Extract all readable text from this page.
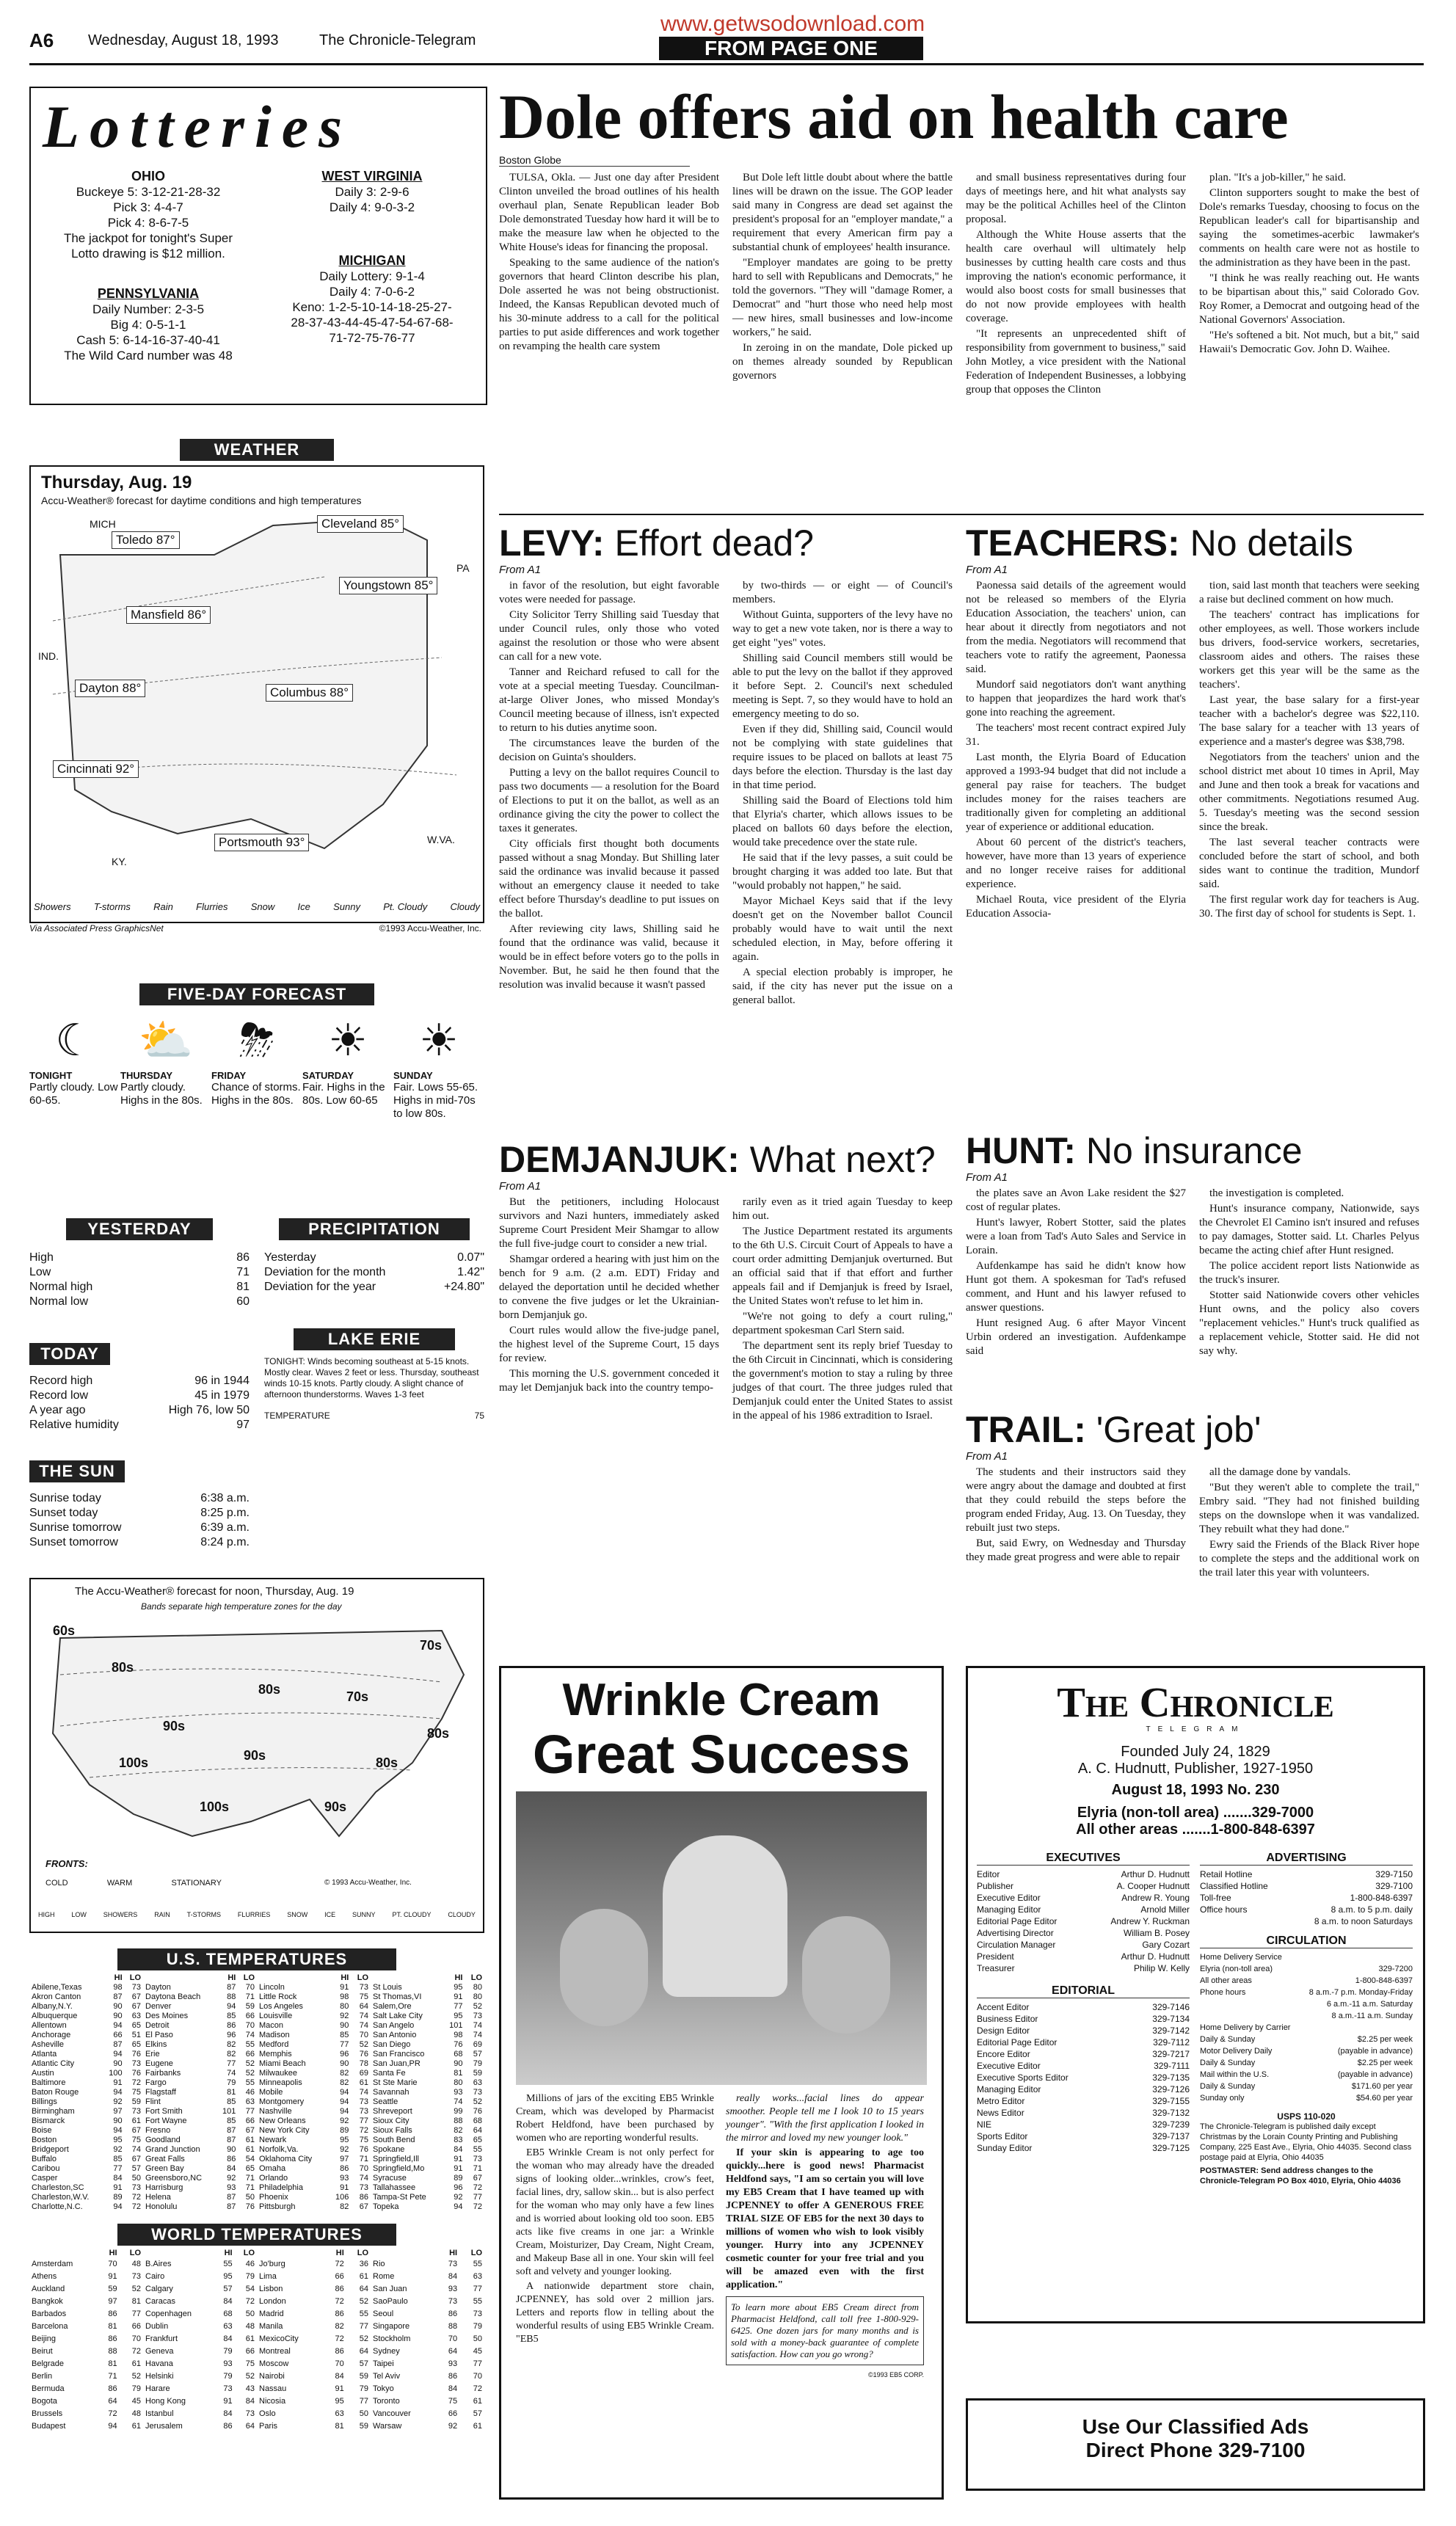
A6 Wednesday, August 18, 1993	The Chronicle-Telegram
www.getwsodownload.com
FROM PAGE ONE
Lotteries
OHIO
Buckeye 5: 3-12-21-28-32
Pick 3: 4-4-7
Pick 4: 8-6-7-5
The jackpot for tonight's Super
Lotto drawing is $12 million.
WEST VIRGINIA
Daily 3: 2-9-6
Daily 4: 9-0-3-2
PENNSYLVANIA
Daily Number: 2-3-5
Big 4: 0-5-1-1
Cash 5: 6-14-16-37-40-41
The Wild Card number was 48
MICHIGAN
Daily Lottery: 9-1-4
Daily 4: 7-0-6-2
Keno: 1-2-5-10-14-18-25-27-
28-37-43-44-45-47-54-67-68-
71-72-75-76-77
WEATHER
Thursday, Aug. 19
Accu-Weather® forecast for daytime conditions and high temperatures
MICH
PA
IND.
W.VA.
KY.
Toledo 87°
Cleveland 85°
Mansfield 86°
Youngstown 85°
Dayton 88°	Columbus 88°
Cincinnati 92°
Portsmouth 93°
Showers T-storms Rain Flurries Snow Ice Sunny Pt. Cloudy Cloudy
Via Associated Press GraphicsNet	©1993 Accu-Weather, Inc.
FIVE-DAY FORECAST
☾
TONIGHT
Partly cloudy. Low 60-65.
⛅
THURSDAY
Partly cloudy. Highs in the 80s.
⛈
FRIDAY
Chance of storms. Highs in the 80s.
☀
SATURDAY
Fair. Highs in the 80s. Low 60-65
☀
SUNDAY
Fair. Lows 55-65. Highs in mid-70s to low 80s.
YESTERDAY
High	86
Low	71
Normal high	81
Normal low	60
PRECIPITATION
Yesterday	0.07"
Deviation for the month	1.42"
Deviation for the year	+24.80"
TODAY
Record high	96 in 1944
Record low	45 in 1979
A year ago	High 76, low 50
Relative humidity	97
LAKE ERIE
TONIGHT: Winds becoming southeast at 5-15 knots. Mostly clear. Waves 2 feet or less. Thursday, southeast winds 10-15 knots. Partly cloudy. A slight chance of afternoon thunderstorms. Waves 1-3 feet
TEMPERATURE	75
THE SUN
Sunrise today	6:38 a.m.
Sunset today	8:25 p.m.
Sunrise tomorrow	6:39 a.m.
Sunset tomorrow	8:24 p.m.
The Accu-Weather® forecast for noon, Thursday, Aug. 19
Bands separate high temperature zones for the day
60s
70s
80s
90s
100s
80s	70s
90s	80s
90s
100s
80s
FRONTS:
COLD	WARM	STATIONARY	© 1993 Accu-Weather, Inc.
HIGH	LOW	SHOWERS	RAIN	T-STORMS	FLURRIES	SNOW	ICE	SUNNY	PT. CLOUDY	CLOUDY
U.S. TEMPERATURES
	HI	LO
Abilene,Texas	98	73
Akron Canton	87	67
Albany,N.Y.	90	67
Albuquerque	90	63
Allentown	94	65
Anchorage	66	51
Asheville	87	65
Atlanta	94	76
Atlantic City	90	73
Austin	100	76
Baltimore	91	72
Baton Rouge	94	75
Billings	92	59
Birmingham	97	73
Bismarck	90	61
Boise	94	67
Boston	95	75
Bridgeport	92	74
Buffalo	85	67
Caribou	77	57
Casper	84	50
Charleston,SC	91	73
Charleston,W.V.	89	72
Charlotte,N.C.	94	72
	HI	LO
Dayton	87	70
Daytona Beach	88	71
Denver	94	59
Des Moines	85	66
Detroit	86	70
El Paso	96	74
Elkins	82	55
Erie	82	66
Eugene	77	52
Fairbanks	74	52
Fargo	79	55
Flagstaff	81	46
Flint	85	63
Fort Smith	101	77
Fort Wayne	85	66
Fresno	87	67
Goodland	87	61
Grand Junction	90	61
Great Falls	86	54
Green Bay	84	65
Greensboro,NC	92	71
Harrisburg	93	71
Helena	87	50
Honolulu	87	76
	HI	LO
Lincoln	91	73
Little Rock	98	75
Los Angeles	80	64
Louisville	92	74
Macon	90	74
Madison	85	70
Medford	77	52
Memphis	96	76
Miami Beach	90	78
Milwaukee	82	69
Minneapolis	82	61
Mobile	94	74
Montgomery	94	73
Nashville	94	73
New Orleans	92	77
New York City	89	72
Newark	95	75
Norfolk,Va.	92	76
Oklahoma City	97	71
Omaha	86	70
Orlando	93	74
Philadelphia	91	73
Phoenix	106	86
Pittsburgh	82	67
	HI	LO
St Louis	95	80
St Thomas,VI	91	80
Salem,Ore	77	52
Salt Lake City	95	73
San Angelo	101	74
San Antonio	98	74
San Diego	76	69
San Francisco	68	57
San Juan,PR	90	79
Santa Fe	81	59
St Ste Marie	80	63
Savannah	93	73
Seattle	74	52
Shreveport	99	76
Sioux City	88	68
Sioux Falls	82	64
South Bend	83	65
Spokane	84	55
Springfield,Ill	91	73
Springfield,Mo	91	71
Syracuse	89	67
Tallahassee	96	72
Tampa-St Pete	92	77
Topeka	94	72
WORLD TEMPERATURES
	HI	LO
Amsterdam	70	48
Athens	91	73
Auckland	59	52
Bangkok	97	81
Barbados	86	77
Barcelona	81	66
Beijing	86	70
Beirut	88	72
Belgrade	81	61
Berlin	71	52
Bermuda	86	79
Bogota	64	45
Brussels	72	48
Budapest	94	61
	HI	LO
B.Aires	55	46
Cairo	95	79
Calgary	57	54
Caracas	84	72
Copenhagen	68	50
Dublin	63	48
Frankfurt	84	61
Geneva	79	66
Havana	93	75
Helsinki	79	52
Harare	73	43
Hong Kong	91	84
Istanbul	84	73
Jerusalem	86	64
	HI	LO
Jo'burg	72	36
Lima	66	61
Lisbon	86	64
London	72	52
Madrid	86	55
Manila	82	77
MexicoCity	72	52
Montreal	86	64
Moscow	70	57
Nairobi	84	59
Nassau	91	79
Nicosia	95	77
Oslo	63	50
Paris	81	59
	HI	LO
Rio	73	55
Rome	84	63
San Juan	93	77
SaoPaulo	73	55
Seoul	86	73
Singapore	88	79
Stockholm	70	50
Sydney	64	45
Taipei	93	77
Tel Aviv	86	70
Tokyo	84	72
Toronto	75	61
Vancouver	66	57
Warsaw	92	61
Dole offers aid on health care
Boston Globe

TULSA, Okla. — Just one day after President Clinton unveiled the broad outlines of his health overhaul plan, Senate Republican leader Bob Dole demonstrated Tuesday how hard it will be to make the measure law when he objected to the White House's ideas for financing the proposal.

Speaking to the same audience of the nation's governors that heard Clinton describe his plan, Dole asserted he was not being obstructionist. Indeed, the Kansas Republican devoted much of his 30-minute address to a call for the political parties to put aside differences and work together on revamping the health care system

But Dole left little doubt about where the battle lines will be drawn on the issue. The GOP leader said many in Congress are dead set against the president's proposal for an "employer mandate," a requirement that every American firm pay a substantial chunk of employees' health insurance.

"Employer mandates are going to be pretty hard to sell with Republicans and Democrats," he told the governors. "They will "damage Romer, a Democrat" and "hurt those who need help most — new hires, small businesses and low-income workers," he said.

In zeroing in on the mandate, Dole picked up on themes already sounded by Republican governors

and small business representatives during four days of meetings here, and hit what analysts say may be the political Achilles heel of the Clinton proposal.

Although the White House asserts that the health care overhaul will ultimately help businesses by cutting health care costs and thus improving the nation's economic performance, it would also boost costs for small businesses that do not now provide employees with health coverage.

"It represents an unprecedented shift of responsibility from government to business," said John Motley, a vice president with the National Federation of Independent Businesses, a lobbying group that opposes the Clinton

plan. "It's a job-killer," he said.

Clinton supporters sought to make the best of Dole's remarks Tuesday, choosing to focus on the Republican leader's call for bipartisanship and saying the sometimes-acerbic lawmaker's comments on health care were not as hostile to the administration as they have been in the past.

"I think he was really reaching out. He wants to be bipartisan about this," said Colorado Gov. Roy Romer, a Democrat and outgoing head of the National Governors' Association.

"He's softened a bit. Not much, but a bit," said Hawaii's Democratic Gov. John D. Waihee.

LEVY: Effort dead?
From A1

in favor of the resolution, but eight favorable votes were needed for passage.

City Solicitor Terry Shilling said Tuesday that under Council rules, only those who voted against the resolution or those who were absent can call for a new vote.

Tanner and Reichard refused to call for the vote at a special meeting Tuesday. Councilman-at-large Oliver Jones, who missed Monday's Council meeting because of illness, isn't expected to return to his duties anytime soon.

The circumstances leave the burden of the decision on Guinta's shoulders.

Putting a levy on the ballot requires Council to pass two documents — a resolution for the Board of Elections to put it on the ballot, as well as an ordinance giving the city the power to collect the taxes it generates.

City officials first thought both documents passed without a snag Monday. But Shilling later said the ordinance was invalid because it passed without an emergency clause it needed to take effect before Thursday's deadline to put issues on the ballot.

After reviewing city laws, Shilling said he found that the ordinance was valid, because it would be in effect before voters go to the polls in November. But, he said he then found that the resolution was invalid because it wasn't passed

by two-thirds — or eight — of Council's members.

Without Guinta, supporters of the levy have no way to get a new vote taken, nor is there a way to get eight "yes" votes.

Shilling said Council members still would be able to put the levy on the ballot if they approved it before Sept. 2. Council's next scheduled meeting is Sept. 7, so they would have to hold an emergency meeting to do so.

Even if they did, Shilling said, Council would not be complying with state guidelines that require issues to be placed on ballots at least 75 days before the election. Thursday is the last day in that time period.

Shilling said the Board of Elections told him that Elyria's charter, which allows issues to be placed on ballots 60 days before the election, would take precedence over the state rule.

He said that if the levy passes, a suit could be brought charging it was added too late. But that "would probably not happen," he said.

Mayor Michael Keys said that if the levy doesn't get on the November ballot Council probably would have to wait until the next scheduled election, in May, before offering it again.

A special election probably is improper, he said, if the city has never put the issue on a general ballot.

DEMJANJUK: What next?
From A1

But the petitioners, including Holocaust survivors and Nazi hunters, immediately asked Supreme Court President Meir Shamgar to allow the full five-judge court to consider a new trial.

Shamgar ordered a hearing with just him on the bench for 9 a.m. (2 a.m. EDT) Friday and delayed the deportation until he decided whether to convene the five judges or let the Ukrainian-born Demjanjuk go.

Court rules would allow the five-judge panel, the highest level of the Supreme Court, 15 days for review.

This morning the U.S. government conceded it may let Demjanjuk back into the country tempo-

rarily even as it tried again Tuesday to keep him out.

The Justice Department restated its arguments to the 6th U.S. Circuit Court of Appeals to have a court order admitting Demjanjuk overturned. But an official said that if that effort and further appeals fail and if Demjanjuk is freed by Israel, the United States won't refuse to let him in.

"We're not going to defy a court ruling," department spokesman Carl Stern said.

The department sent its reply brief Tuesday to the 6th Circuit in Cincinnati, which is considering the government's motion to stay a ruling by three judges of that court. The three judges ruled that Demjanjuk could enter the United States to assist in the appeal of his 1986 extradition to Israel.

TEACHERS: No details
From A1

Paonessa said details of the agreement would not be released so members of the Elyria Education Association, the teachers' union, can hear about it directly from negotiators and not from the media. Negotiators will recommend that teachers vote to ratify the agreement, Paonessa said.

Mundorf said negotiators don't want anything to happen that jeopardizes the hard work that's gone into reaching the agreement.

The teachers' most recent contract expired July 31.

Last month, the Elyria Board of Education approved a 1993-94 budget that did not include a general pay raise for teachers. The budget includes money for the raises teachers are traditionally given for completing an additional year of experience or additional education.

About 60 percent of the district's teachers, however, have more than 13 years of experience and no longer receive raises for additional experience.

Michael Routa, vice president of the Elyria Education Associa-

tion, said last month that teachers were seeking a raise but declined comment on how much.

The teachers' contract has implications for other employees, as well. Those workers include bus drivers, food-service workers, secretaries, classroom aides and others. The raises these workers get this year will be the same as the teachers'.

Last year, the base salary for a first-year teacher with a bachelor's degree was $22,110. The base salary for a teacher with 13 years of experience and a master's degree was $38,798.

Negotiators from the teachers' union and the school district met about 10 times in April, May and June and then took a break for vacations and other commitments. Negotiations resumed Aug. 5. Tuesday's meeting was the second session since the break.

The last several teacher contracts were concluded before the start of school, and both sides want to continue the tradition, Mundorf said.

The first regular work day for teachers is Aug. 30. The first day of school for students is Sept. 1.

HUNT: No insurance
From A1

the plates save an Avon Lake resident the $27 cost of regular plates.

Hunt's lawyer, Robert Stotter, said the plates were a loan from Tad's Auto Sales and Service in Lorain.

Aufdenkampe has said he didn't know how Hunt got them. A spokesman for Tad's refused comment, and Hunt and his lawyer refused to answer questions.

Hunt resigned Aug. 6 after Mayor Vincent Urbin ordered an investigation. Aufdenkampe said

the investigation is completed.

Hunt's insurance company, Nationwide, says the Chevrolet El Camino isn't insured and refuses to pay damages, Stotter said. Lt. Charles Pelyus became the acting chief after Hunt resigned.

The police accident report lists Nationwide as the truck's insurer.

Stotter said Nationwide covers other vehicles Hunt owns, and the policy also covers "replacement vehicles." Hunt's truck qualified as a replacement vehicle, Stotter said. He did not say why.

TRAIL: 'Great job'
From A1

The students and their instructors said they were angry about the damage and doubted at first that they could rebuild the steps before the program ended Friday, Aug. 13. On Tuesday, they rebuilt just two steps.

But, said Ewry, on Wednesday and Thursday they made great progress and were able to repair

all the damage done by vandals.

"But they weren't able to complete the trail," Embry said. "They had not finished building steps on the downslope when it was vandalized. They rebuilt what they had done."

Ewry said the Friends of the Black River hope to complete the steps and the additional work on the trail later this year with volunteers.

Wrinkle Cream
Great Success

Millions of jars of the exciting EB5 Wrinkle Cream, which was developed by Pharmacist Robert Heldfond, have been purchased by women who are reporting wonderful results.

EB5 Wrinkle Cream is not only perfect for the woman who may already have the dreaded signs of looking older...wrinkles, crow's feet, facial lines, dry, sallow skin... but is also perfect for the woman who may only have a few lines and is worried about looking old too soon. EB5 acts like five creams in one jar: a Wrinkle Cream, Moisturizer, Day Cream, Night Cream, and Makeup Base all in one. Your skin will feel soft and velvety and younger looking.

A nationwide department store chain, JCPENNEY, has sold over 2 million jars. Letters and reports flow in telling about the wonderful results of using EB5 Wrinkle Cream. "EB5

really works...facial lines do appear smoother. People tell me I look 10 to 15 years younger". "With the first application I looked in the mirror and loved my new younger look."

If your skin is appearing to age too quickly...here is good news! Pharmacist Heldfond says, "I am so certain you will love my EB5 Cream that I have teamed up with JCPENNEY to offer A GENEROUS FREE TRIAL SIZE OF EB5 for the next 30 days to millions of women who wish to look visibly younger. Hurry into any JCPENNEY cosmetic counter for your free trial and you will be amazed even with the first application."

To learn more about EB5 Cream direct from Pharmacist Heldfond, call toll free 1-800-929-6425. One dozen jars for many months and is sold with a money-back guarantee of complete satisfaction. How can you go wrong?
©1993 EB5 CORP.
The Chronicle
TELEGRAM
Founded July 24, 1829
A. C. Hudnutt, Publisher, 1927-1950
August 18, 1993 No. 230
Elyria (non-toll area) .......329-7000
All other areas .......1-800-848-6397
EXECUTIVES
Editor	Arthur D. Hudnutt
Publisher	A. Cooper Hudnutt
Executive Editor	Andrew R. Young
Managing Editor	Arnold Miller
Editorial Page Editor	Andrew Y. Ruckman
Advertising Director	William B. Posey
Circulation Manager	Gary Cozart
President	Arthur D. Hudnutt
Treasurer	Philip W. Kelly
EDITORIAL
Accent Editor	329-7146
Business Editor	329-7134
Design Editor	329-7142
Editorial Page Editor	329-7112
Encore Editor	329-7217
Executive Editor	329-7111
Executive Sports Editor	329-7135
Managing Editor	329-7126
Metro Editor	329-7155
News Editor	329-7132
NIE	329-7239
Sports Editor	329-7137
Sunday Editor	329-7125
ADVERTISING
Retail Hotline	329-7150
Classified Hotline	329-7100
Toll-free	1-800-848-6397
Office hours	8 a.m. to 5 p.m. daily
8 a.m. to noon Saturdays
CIRCULATION
Home Delivery Service
Elyria (non-toll area)	329-7200
All other areas	1-800-848-6397
Phone hours	8 a.m.-7 p.m. Monday-Friday
6 a.m.-11 a.m. Saturday
8 a.m.-11 a.m. Sunday
Home Delivery by Carrier
Daily & Sunday	$2.25 per week
Motor Delivery Daily	(payable in advance)
Daily & Sunday	$2.25 per week
Mail within the U.S.	(payable in advance)
Daily & Sunday	$171.60 per year
Sunday only	$54.60 per year
USPS 110-020
The Chronicle-Telegram is published daily except Christmas by the Lorain County Printing and Publishing Company, 225 East Ave., Elyria, Ohio 44035. Second class postage paid at Elyria, Ohio 44035
POSTMASTER: Send address changes to the Chronicle-Telegram PO Box 4010, Elyria, Ohio 44036
Use Our Classified Ads
Direct Phone 329-7100
